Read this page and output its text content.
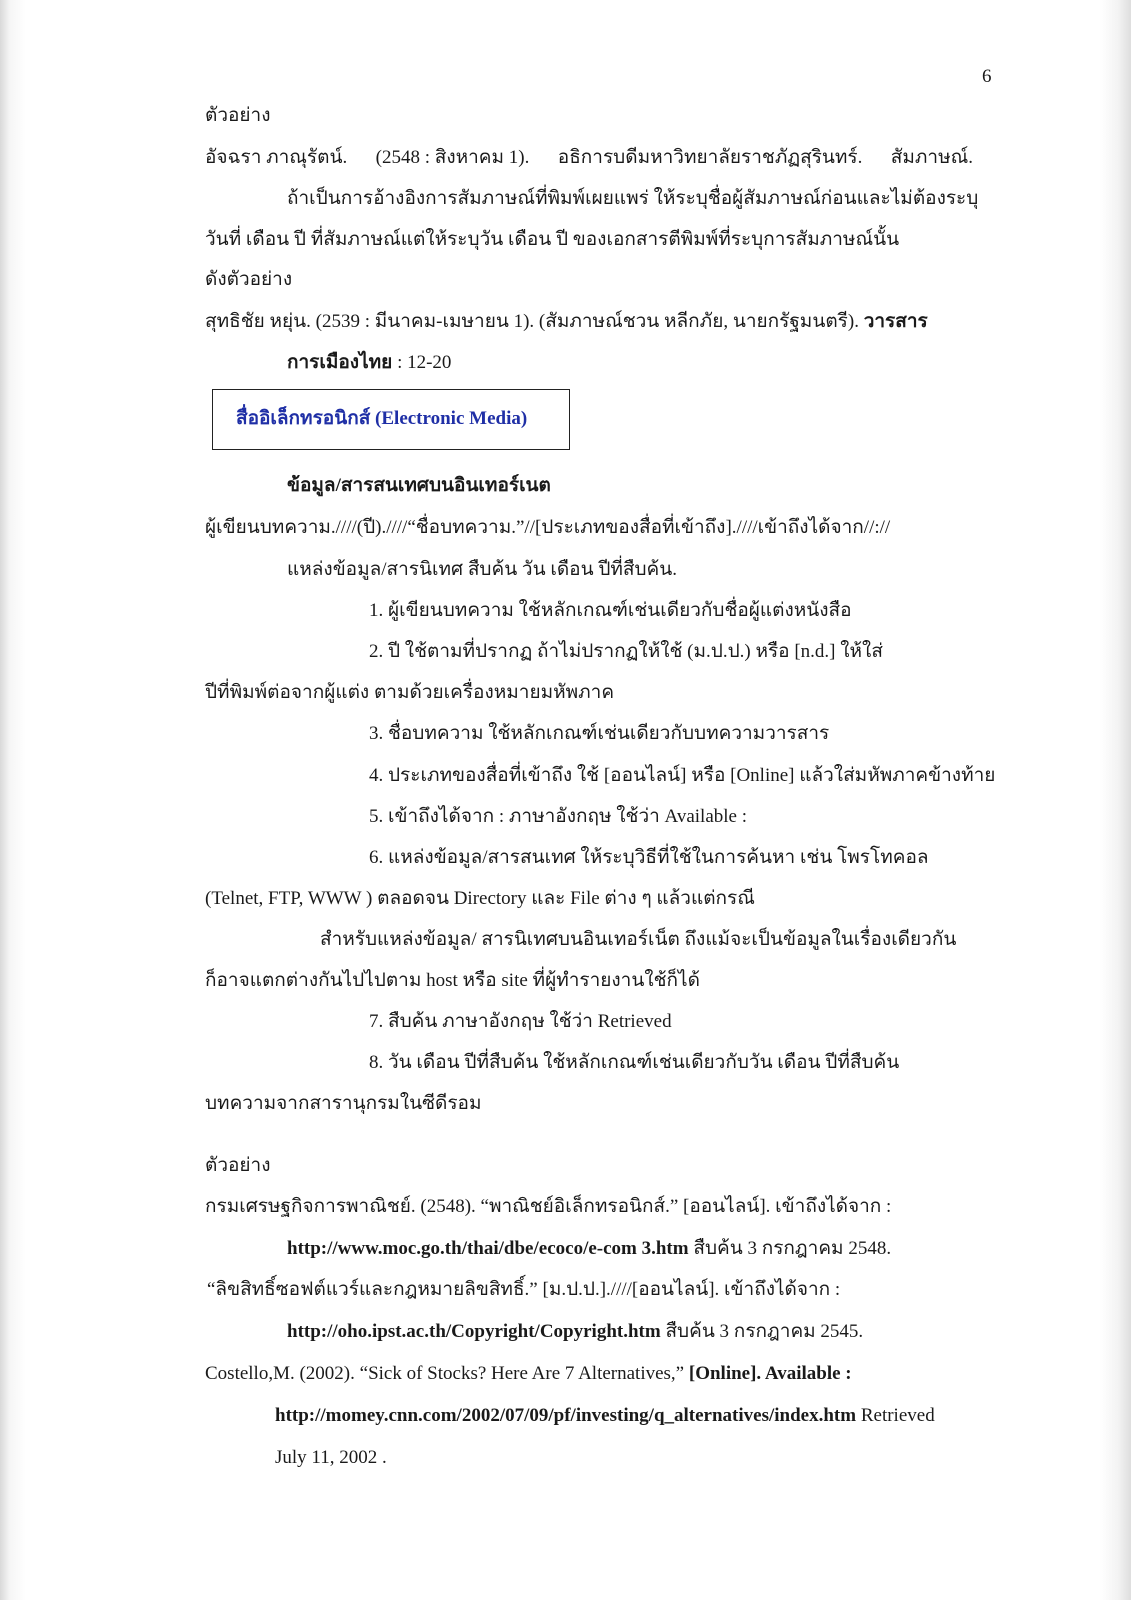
6
ตัวอย่าง
อัจฉรา ภาณุรัตน์. (2548 : สิงหาคม 1). อธิการบดีมหาวิทยาลัยราชภัฏสุรินทร์. สัมภาษณ์.
ถ้าเป็นการอ้างอิงการสัมภาษณ์ที่พิมพ์เผยแพร่ ให้ระบุชื่อผู้สัมภาษณ์ก่อนและไม่ต้องระบุ
วันที่ เดือน ปี ที่สัมภาษณ์แต่ให้ระบุวัน เดือน ปี ของเอกสารตีพิมพ์ที่ระบุการสัมภาษณ์นั้น
ดังตัวอย่าง
สุทธิชัย หยุ่น. (2539 : มีนาคม-เมษายน 1). (สัมภาษณ์ชวน หลีกภัย, นายกรัฐมนตรี). วารสาร
การเมืองไทย : 12-20
สื่ออิเล็กทรอนิกส์ (Electronic Media)
ข้อมูล/สารสนเทศบนอินเทอร์เนต
ผู้เขียนบทความ.////(ปี).////“ชื่อบทความ.”//[ประเภทของสื่อที่เข้าถึง].////เข้าถึงได้จาก//://
แหล่งข้อมูล/สารนิเทศ สืบค้น วัน เดือน ปีที่สืบค้น.
1. ผู้เขียนบทความ ใช้หลักเกณฑ์เช่นเดียวกับชื่อผู้แต่งหนังสือ
2. ปี ใช้ตามที่ปรากฏ ถ้าไม่ปรากฏให้ใช้ (ม.ป.ป.) หรือ [n.d.] ให้ใส่
ปีที่พิมพ์ต่อจากผู้แต่ง ตามด้วยเครื่องหมายมหัพภาค
3. ชื่อบทความ ใช้หลักเกณฑ์เช่นเดียวกับบทความวารสาร
4. ประเภทของสื่อที่เข้าถึง ใช้ [ออนไลน์] หรือ [Online] แล้วใส่มหัพภาคข้างท้าย
5. เข้าถึงได้จาก : ภาษาอังกฤษ ใช้ว่า Available :
6. แหล่งข้อมูล/สารสนเทศ ให้ระบุวิธีที่ใช้ในการค้นหา เช่น โพรโทคอล
(Telnet, FTP, WWW ) ตลอดจน Directory และ File ต่าง ๆ แล้วแต่กรณี
สำหรับแหล่งข้อมูล/ สารนิเทศบนอินเทอร์เน็ต ถึงแม้จะเป็นข้อมูลในเรื่องเดียวกัน
ก็อาจแตกต่างกันไปไปตาม host หรือ site ที่ผู้ทำรายงานใช้ก็ได้
7. สืบค้น ภาษาอังกฤษ ใช้ว่า Retrieved
8. วัน เดือน ปีที่สืบค้น ใช้หลักเกณฑ์เช่นเดียวกับวัน เดือน ปีที่สืบค้น
บทความจากสารานุกรมในซีดีรอม
ตัวอย่าง
กรมเศรษฐกิจการพาณิชย์. (2548). “พาณิชย์อิเล็กทรอนิกส์.” [ออนไลน์]. เข้าถึงได้จาก :
http://www.moc.go.th/thai/dbe/ecoco/e-com 3.htm สืบค้น 3 กรกฎาคม 2548.
“ลิขสิทธิ์ซอฟต์แวร์และกฎหมายลิขสิทธิ์.” [ม.ป.ป.].////[ออนไลน์]. เข้าถึงได้จาก :
http://oho.ipst.ac.th/Copyright/Copyright.htm สืบค้น 3 กรกฎาคม 2545.
Costello,M. (2002). “Sick of Stocks? Here Are 7 Alternatives,” [Online]. Available :
http://momey.cnn.com/2002/07/09/pf/investing/q_alternatives/index.htm Retrieved
July 11, 2002 .
